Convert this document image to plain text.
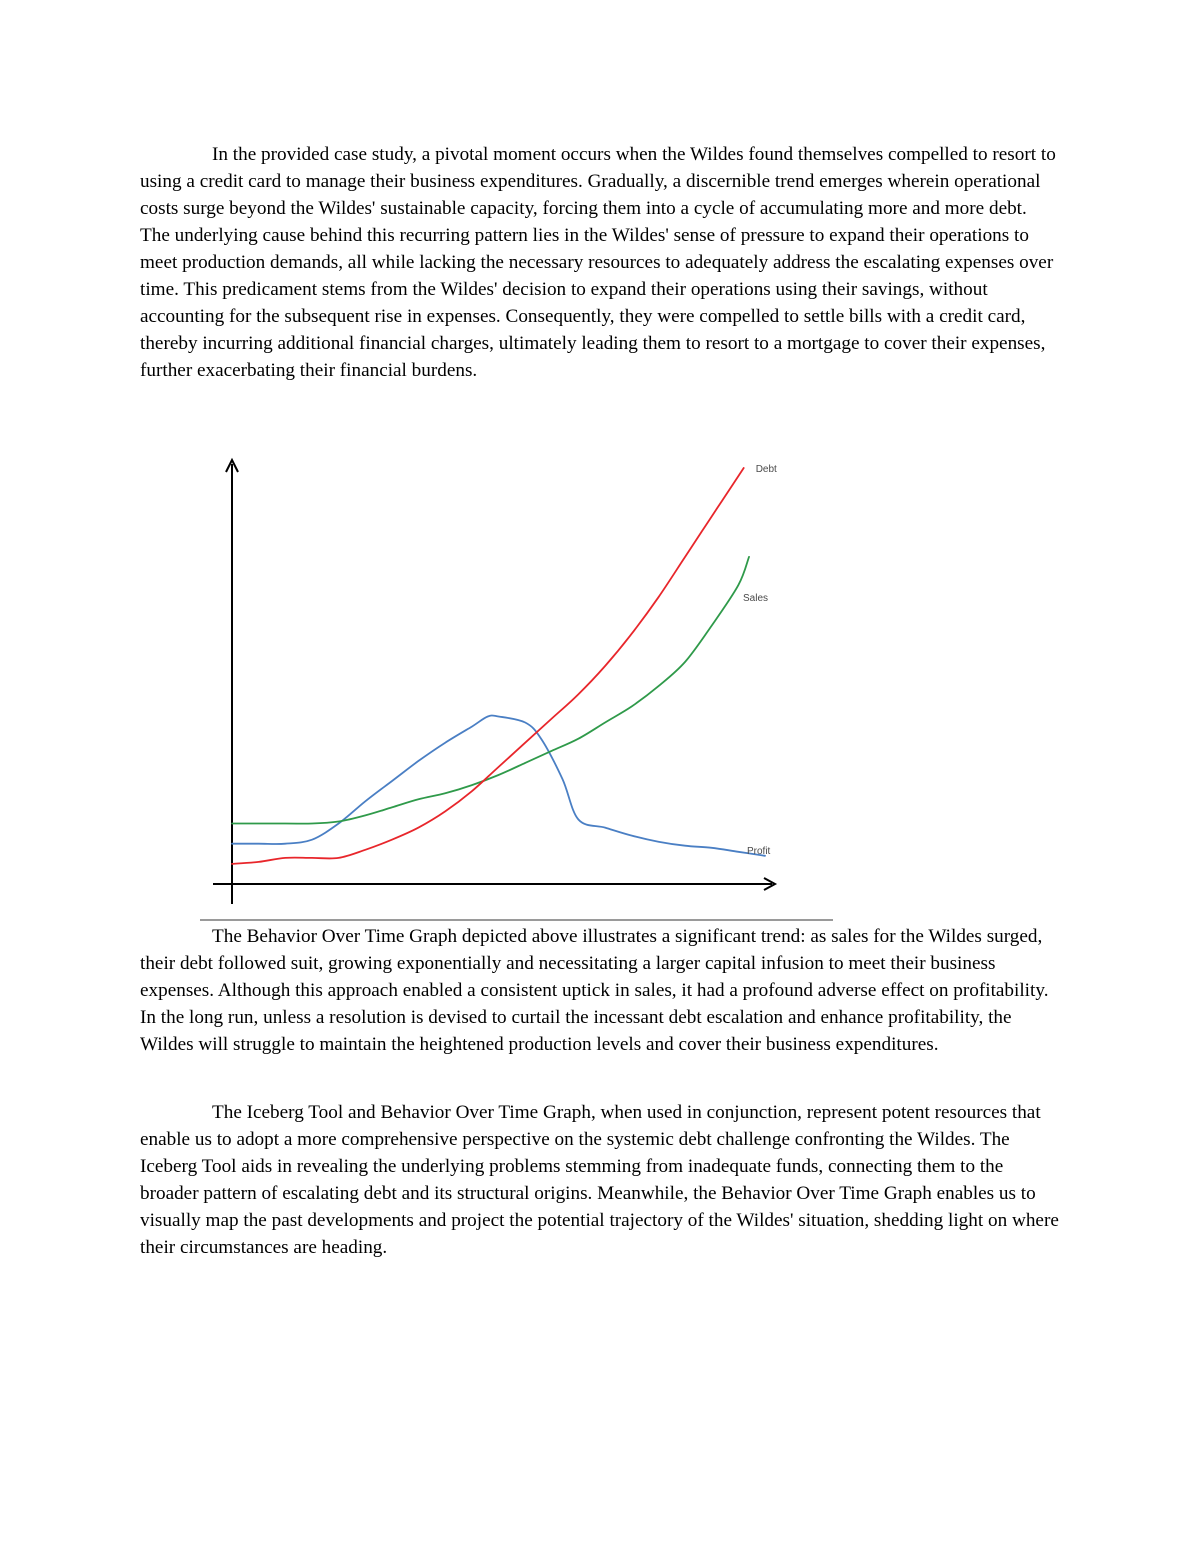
In the provided case study, a pivotal moment occurs when the Wildes found themselves compelled to resort to using a credit card to manage their business expenditures. Gradually, a discernible trend emerges wherein operational costs surge beyond the Wildes' sustainable capacity, forcing them into a cycle of accumulating more and more debt. The underlying cause behind this recurring pattern lies in the Wildes' sense of pressure to expand their operations to meet production demands, all while lacking the necessary resources to adequately address the escalating expenses over time. This predicament stems from the Wildes' decision to expand their operations using their savings, without accounting for the subsequent rise in expenses. Consequently, they were compelled to settle bills with a credit card, thereby incurring additional financial charges, ultimately leading them to resort to a mortgage to cover their expenses, further exacerbating their financial burdens.

Debt
Sales
Profit

The Behavior Over Time Graph depicted above illustrates a significant trend: as sales for the Wildes surged, their debt followed suit, growing exponentially and necessitating a larger capital infusion to meet their business expenses. Although this approach enabled a consistent uptick in sales, it had a profound adverse effect on profitability. In the long run, unless a resolution is devised to curtail the incessant debt escalation and enhance profitability, the Wildes will struggle to maintain the heightened production levels and cover their business expenditures.

The Iceberg Tool and Behavior Over Time Graph, when used in conjunction, represent potent resources that enable us to adopt a more comprehensive perspective on the systemic debt challenge confronting the Wildes. The Iceberg Tool aids in revealing the underlying problems stemming from inadequate funds, connecting them to the broader pattern of escalating debt and its structural origins. Meanwhile, the Behavior Over Time Graph enables us to visually map the past developments and project the potential trajectory of the Wildes' situation, shedding light on where their circumstances are heading.
